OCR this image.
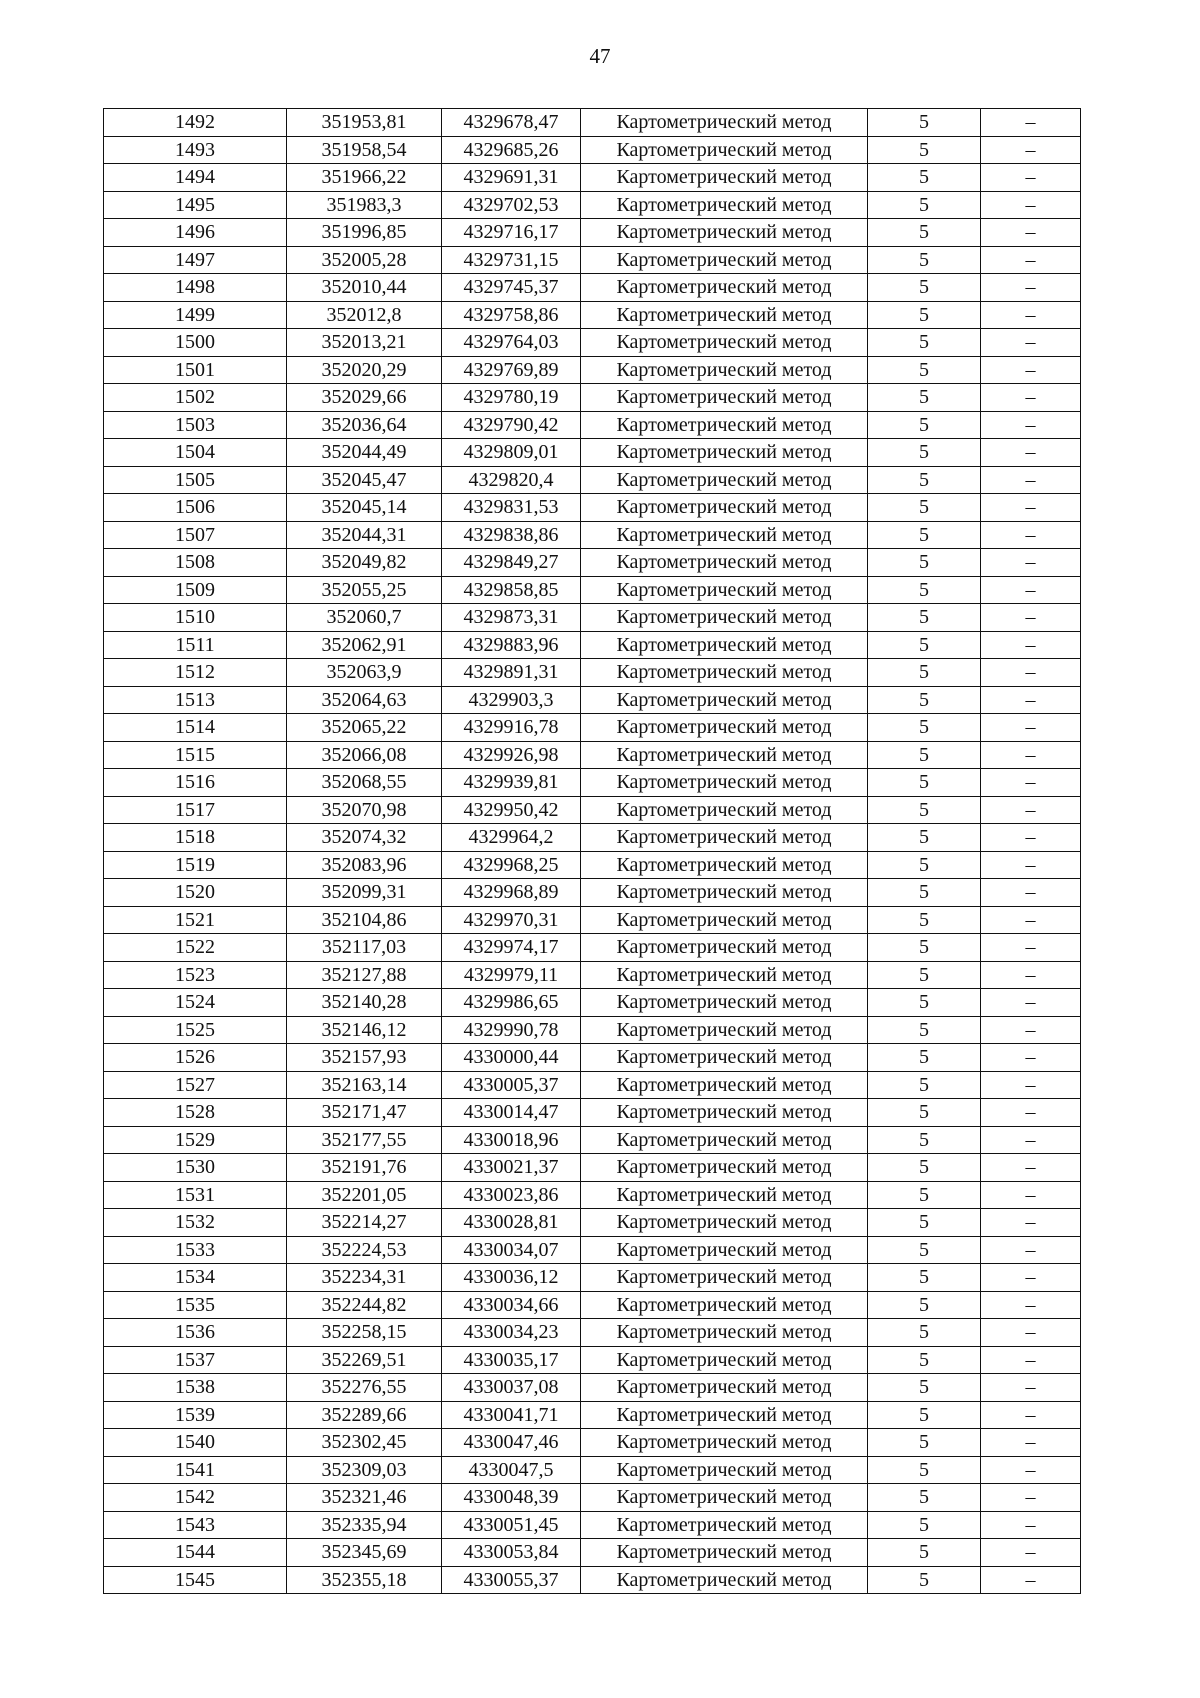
47
1492	351953,81	4329678,47	Картометрический метод	5	–
1493	351958,54	4329685,26	Картометрический метод	5	–
1494	351966,22	4329691,31	Картометрический метод	5	–
1495	351983,3	4329702,53	Картометрический метод	5	–
1496	351996,85	4329716,17	Картометрический метод	5	–
1497	352005,28	4329731,15	Картометрический метод	5	–
1498	352010,44	4329745,37	Картометрический метод	5	–
1499	352012,8	4329758,86	Картометрический метод	5	–
1500	352013,21	4329764,03	Картометрический метод	5	–
1501	352020,29	4329769,89	Картометрический метод	5	–
1502	352029,66	4329780,19	Картометрический метод	5	–
1503	352036,64	4329790,42	Картометрический метод	5	–
1504	352044,49	4329809,01	Картометрический метод	5	–
1505	352045,47	4329820,4	Картометрический метод	5	–
1506	352045,14	4329831,53	Картометрический метод	5	–
1507	352044,31	4329838,86	Картометрический метод	5	–
1508	352049,82	4329849,27	Картометрический метод	5	–
1509	352055,25	4329858,85	Картометрический метод	5	–
1510	352060,7	4329873,31	Картометрический метод	5	–
1511	352062,91	4329883,96	Картометрический метод	5	–
1512	352063,9	4329891,31	Картометрический метод	5	–
1513	352064,63	4329903,3	Картометрический метод	5	–
1514	352065,22	4329916,78	Картометрический метод	5	–
1515	352066,08	4329926,98	Картометрический метод	5	–
1516	352068,55	4329939,81	Картометрический метод	5	–
1517	352070,98	4329950,42	Картометрический метод	5	–
1518	352074,32	4329964,2	Картометрический метод	5	–
1519	352083,96	4329968,25	Картометрический метод	5	–
1520	352099,31	4329968,89	Картометрический метод	5	–
1521	352104,86	4329970,31	Картометрический метод	5	–
1522	352117,03	4329974,17	Картометрический метод	5	–
1523	352127,88	4329979,11	Картометрический метод	5	–
1524	352140,28	4329986,65	Картометрический метод	5	–
1525	352146,12	4329990,78	Картометрический метод	5	–
1526	352157,93	4330000,44	Картометрический метод	5	–
1527	352163,14	4330005,37	Картометрический метод	5	–
1528	352171,47	4330014,47	Картометрический метод	5	–
1529	352177,55	4330018,96	Картометрический метод	5	–
1530	352191,76	4330021,37	Картометрический метод	5	–
1531	352201,05	4330023,86	Картометрический метод	5	–
1532	352214,27	4330028,81	Картометрический метод	5	–
1533	352224,53	4330034,07	Картометрический метод	5	–
1534	352234,31	4330036,12	Картометрический метод	5	–
1535	352244,82	4330034,66	Картометрический метод	5	–
1536	352258,15	4330034,23	Картометрический метод	5	–
1537	352269,51	4330035,17	Картометрический метод	5	–
1538	352276,55	4330037,08	Картометрический метод	5	–
1539	352289,66	4330041,71	Картометрический метод	5	–
1540	352302,45	4330047,46	Картометрический метод	5	–
1541	352309,03	4330047,5	Картометрический метод	5	–
1542	352321,46	4330048,39	Картометрический метод	5	–
1543	352335,94	4330051,45	Картометрический метод	5	–
1544	352345,69	4330053,84	Картометрический метод	5	–
1545	352355,18	4330055,37	Картометрический метод	5	–
